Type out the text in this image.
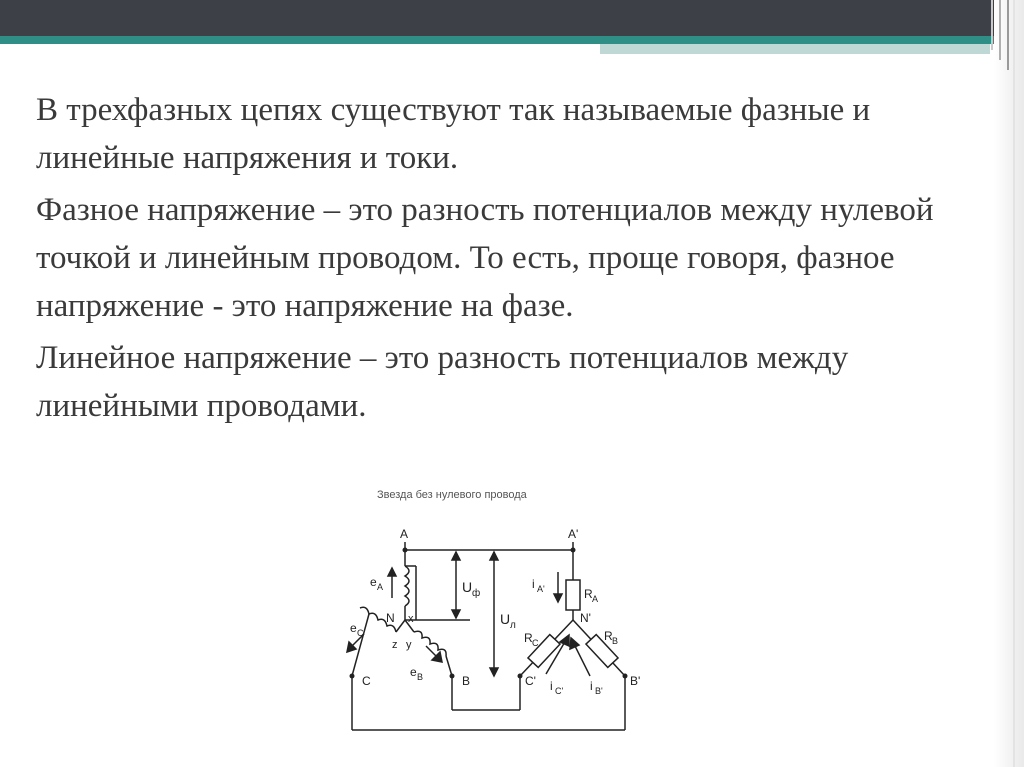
В трехфазных цепях существуют так называемые фазные и линейные напряжения и токи.

Фазное напряжение – это разность потенциалов между нулевой точкой и линейным проводом. То есть, проще говоря, фазное напряжение - это напряжение на фазе.

Линейное напряжение – это разность потенциалов между линейными проводами.

Звезда без нулевого провода
A	A'
N x
z y
C	B	C'	B'
N'
e A
e C
e B
U ф
U л
i A'	R A
R C	R B
i C' i B'
